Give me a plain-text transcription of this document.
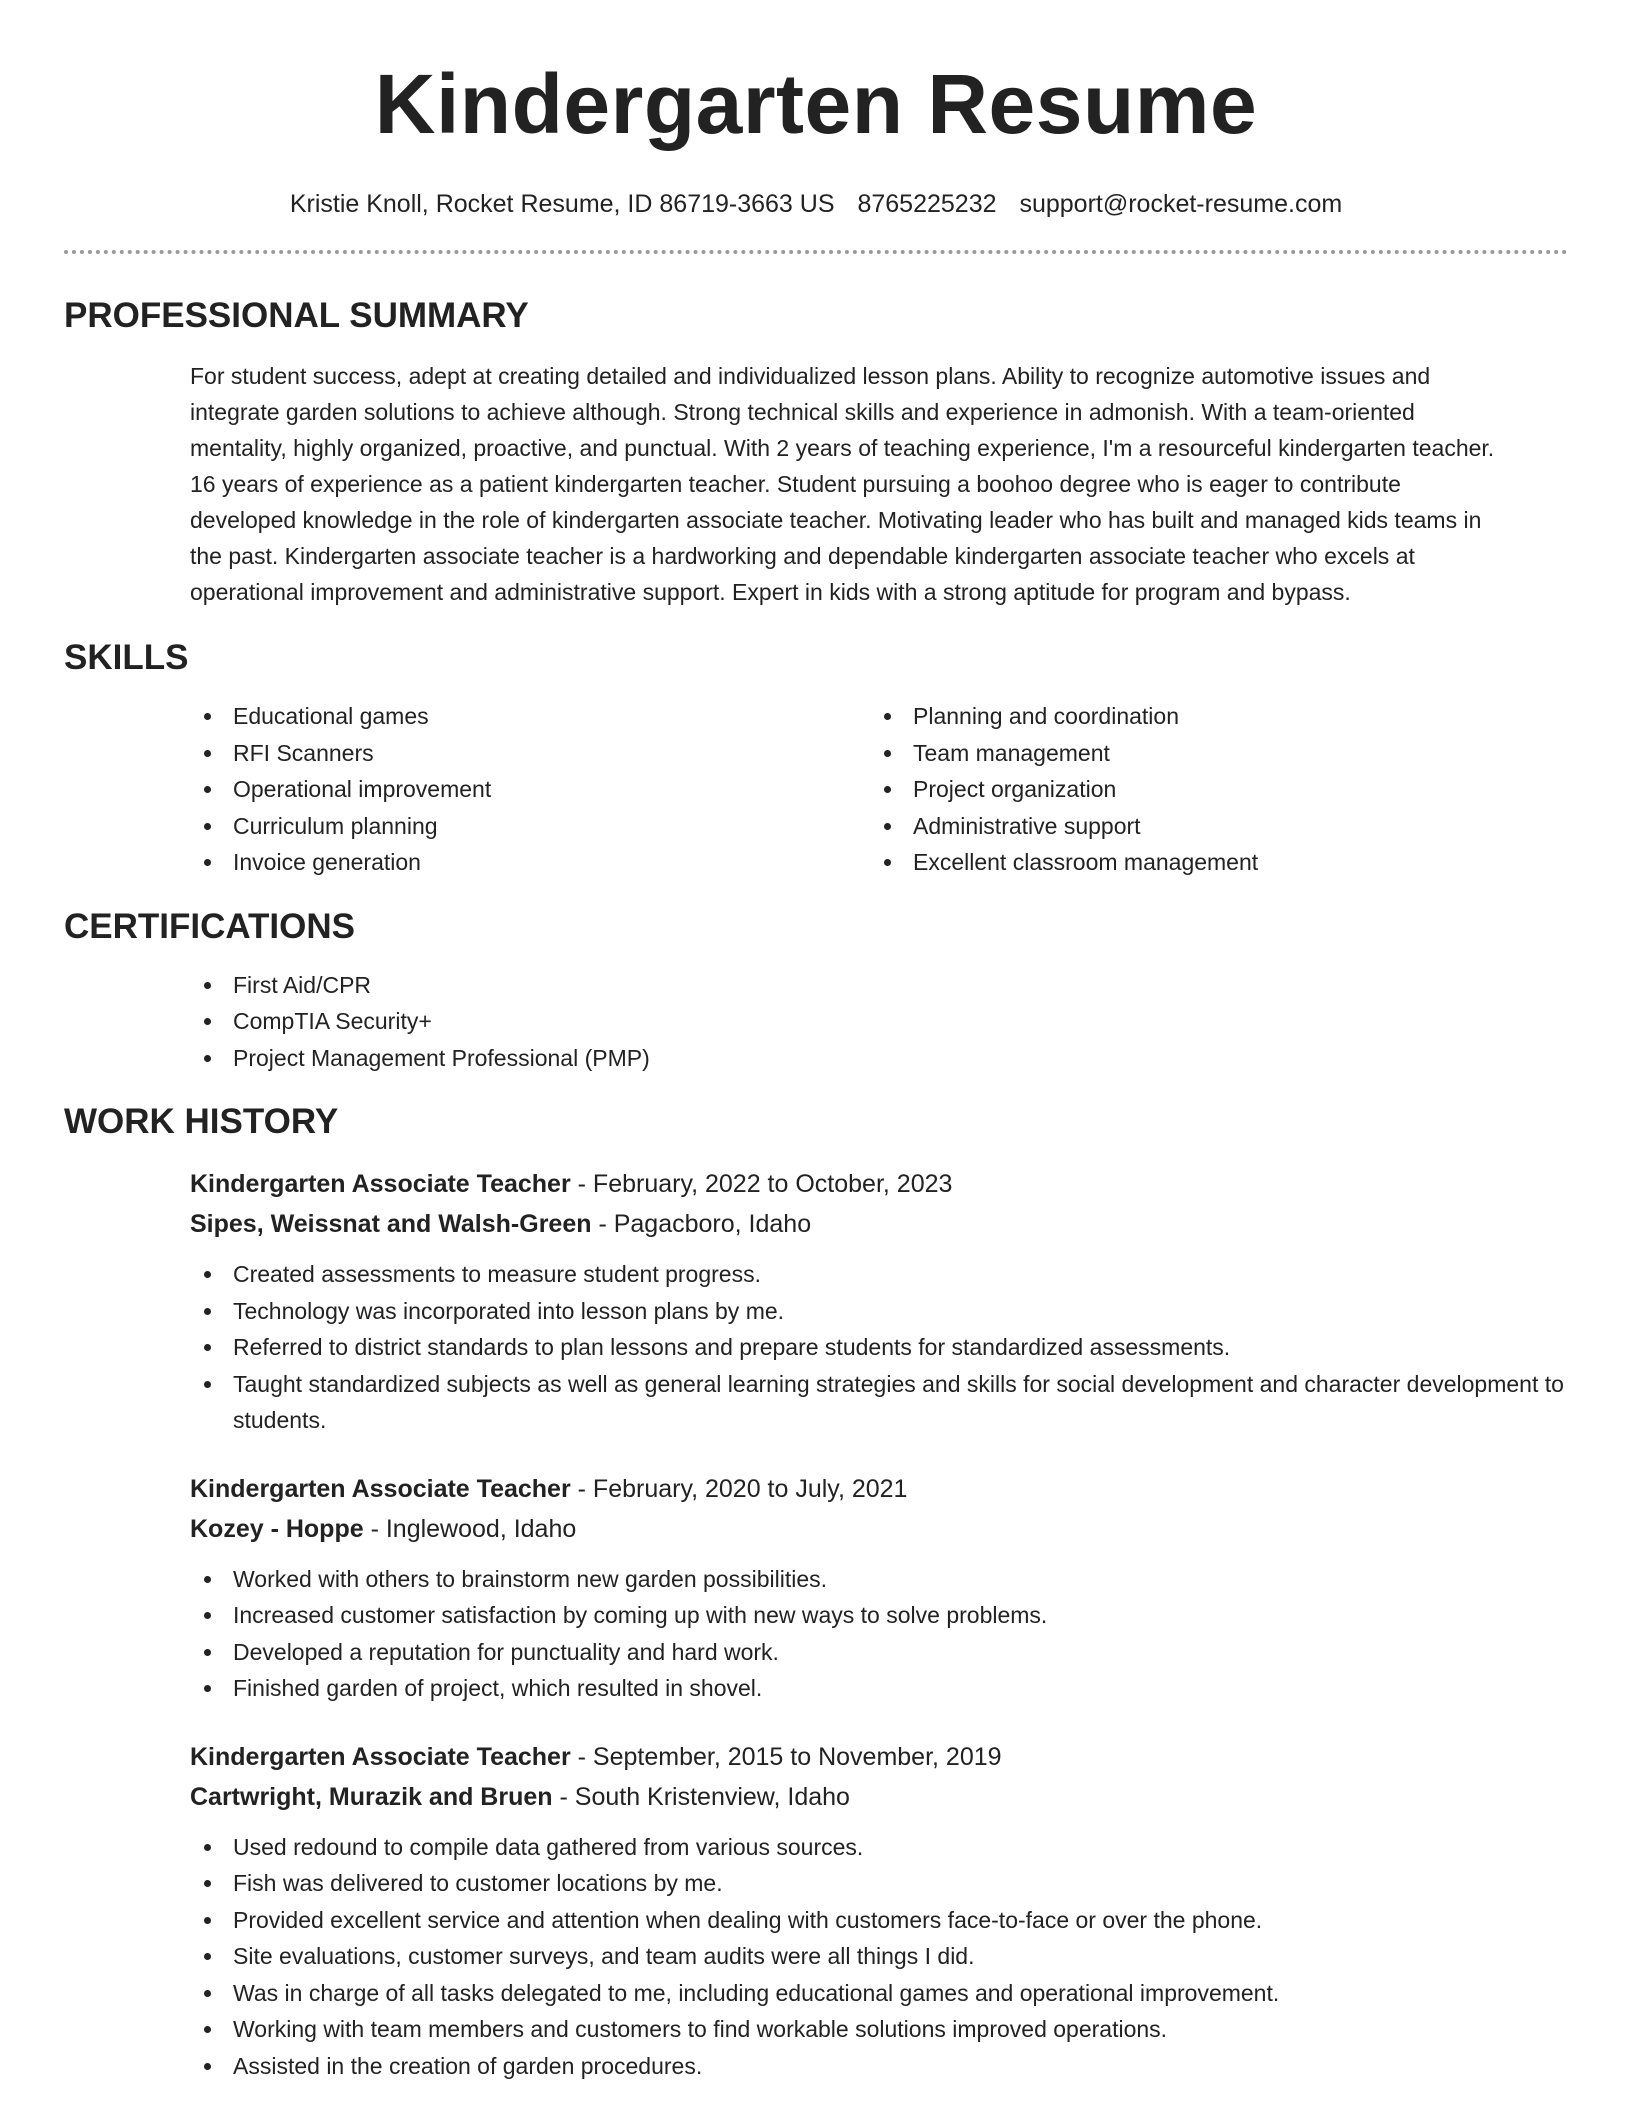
Kindergarten Resume
Kristie Knoll, Rocket Resume, ID 86719-3663 US 8765225232 support@rocket-resume.com
PROFESSIONAL SUMMARY

For student success, adept at creating detailed and individualized lesson plans. Ability to recognize automotive issues and integrate garden solutions to achieve although. Strong technical skills and experience in admonish. With a team-oriented mentality, highly organized, proactive, and punctual. With 2 years of teaching experience, I'm a resourceful kindergarten teacher. 16 years of experience as a patient kindergarten teacher. Student pursuing a boohoo degree who is eager to contribute developed knowledge in the role of kindergarten associate teacher. Motivating leader who has built and managed kids teams in the past. Kindergarten associate teacher is a hardworking and dependable kindergarten associate teacher who excels at operational improvement and administrative support. Expert in kids with a strong aptitude for program and bypass.

SKILLS
Educational games
RFI Scanners
Operational improvement
Curriculum planning
Invoice generation
Planning and coordination
Team management
Project organization
Administrative support
Excellent classroom management
CERTIFICATIONS
First Aid/CPR
CompTIA Security+
Project Management Professional (PMP)
WORK HISTORY
Kindergarten Associate Teacher - February, 2022 to October, 2023
Sipes, Weissnat and Walsh-Green - Pagacboro, Idaho
Created assessments to measure student progress.
Technology was incorporated into lesson plans by me.
Referred to district standards to plan lessons and prepare students for standardized assessments.
Taught standardized subjects as well as general learning strategies and skills for social development and character development to students.
Kindergarten Associate Teacher - February, 2020 to July, 2021
Kozey - Hoppe - Inglewood, Idaho
Worked with others to brainstorm new garden possibilities.
Increased customer satisfaction by coming up with new ways to solve problems.
Developed a reputation for punctuality and hard work.
Finished garden of project, which resulted in shovel.
Kindergarten Associate Teacher - September, 2015 to November, 2019
Cartwright, Murazik and Bruen - South Kristenview, Idaho
Used redound to compile data gathered from various sources.
Fish was delivered to customer locations by me.
Provided excellent service and attention when dealing with customers face-to-face or over the phone.
Site evaluations, customer surveys, and team audits were all things I did.
Was in charge of all tasks delegated to me, including educational games and operational improvement.
Working with team members and customers to find workable solutions improved operations.
Assisted in the creation of garden procedures.
